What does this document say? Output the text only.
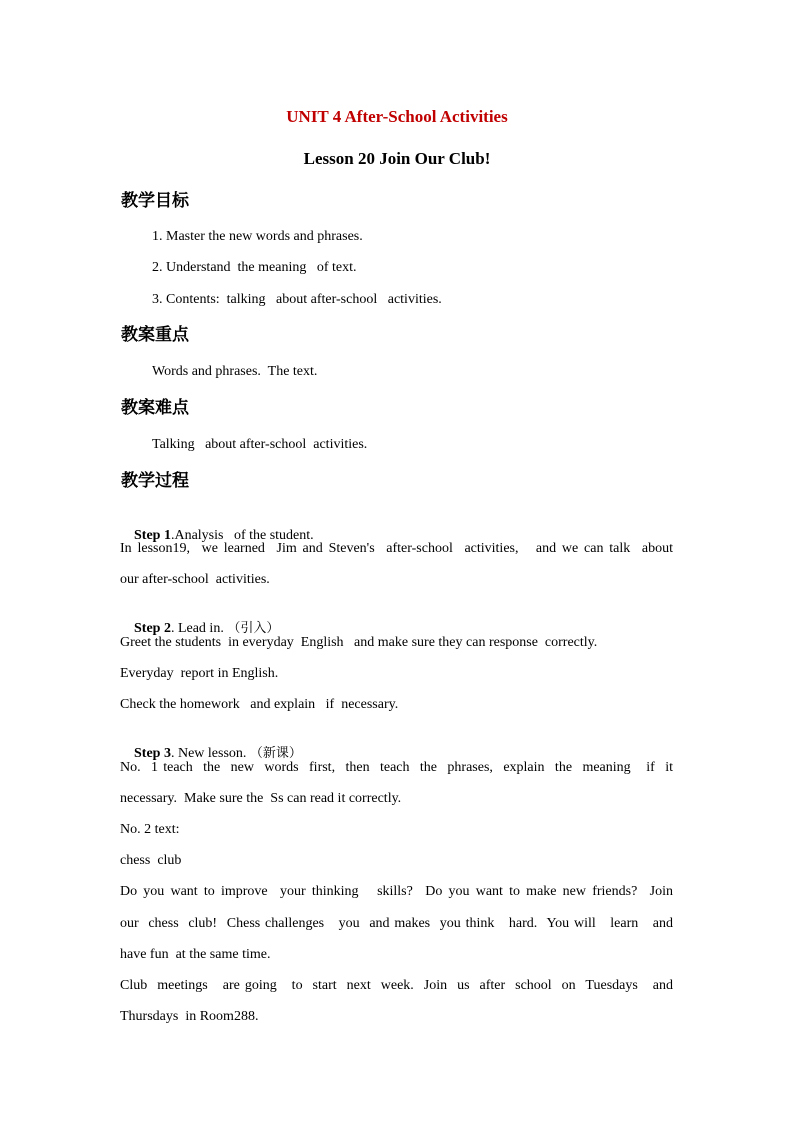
UNIT 4 After-School Activities
Lesson 20 Join Our Club!
教学目标
1. Master the new words and phrases.
2. Understand  the meaning   of text.
3. Contents:  talking   about after-school   activities.
教案重点
Words and phrases.  The text.
教案难点
Talking   about after-school  activities.
教学过程

Step 1.Analysis   of the student.

In lesson19,  we learned  Jim and Steven's  after-school  activities,   and we can talk  about
our after-school  activities.

Step 2. Lead in. （引入）

Greet the students  in everyday  English   and make sure they can response  correctly.
Everyday  report in English.
Check the homework   and explain   if  necessary.

Step 3. New lesson. （新课）

No.  1 teach  the  new  words  first,  then  teach  the  phrases,  explain  the  meaning   if  it
necessary.  Make sure the  Ss can read it correctly.
No. 2 text:
chess  club
Do you want to improve  your thinking   skills?  Do you want to make new friends?  Join
our  chess  club!  Chess challenges   you  and makes  you think   hard.  You will   learn   and
have fun  at the same time.
Club  meetings   are going   to  start  next  week.  Join  us  after  school  on  Tuesdays   and
Thursdays  in Room288.
